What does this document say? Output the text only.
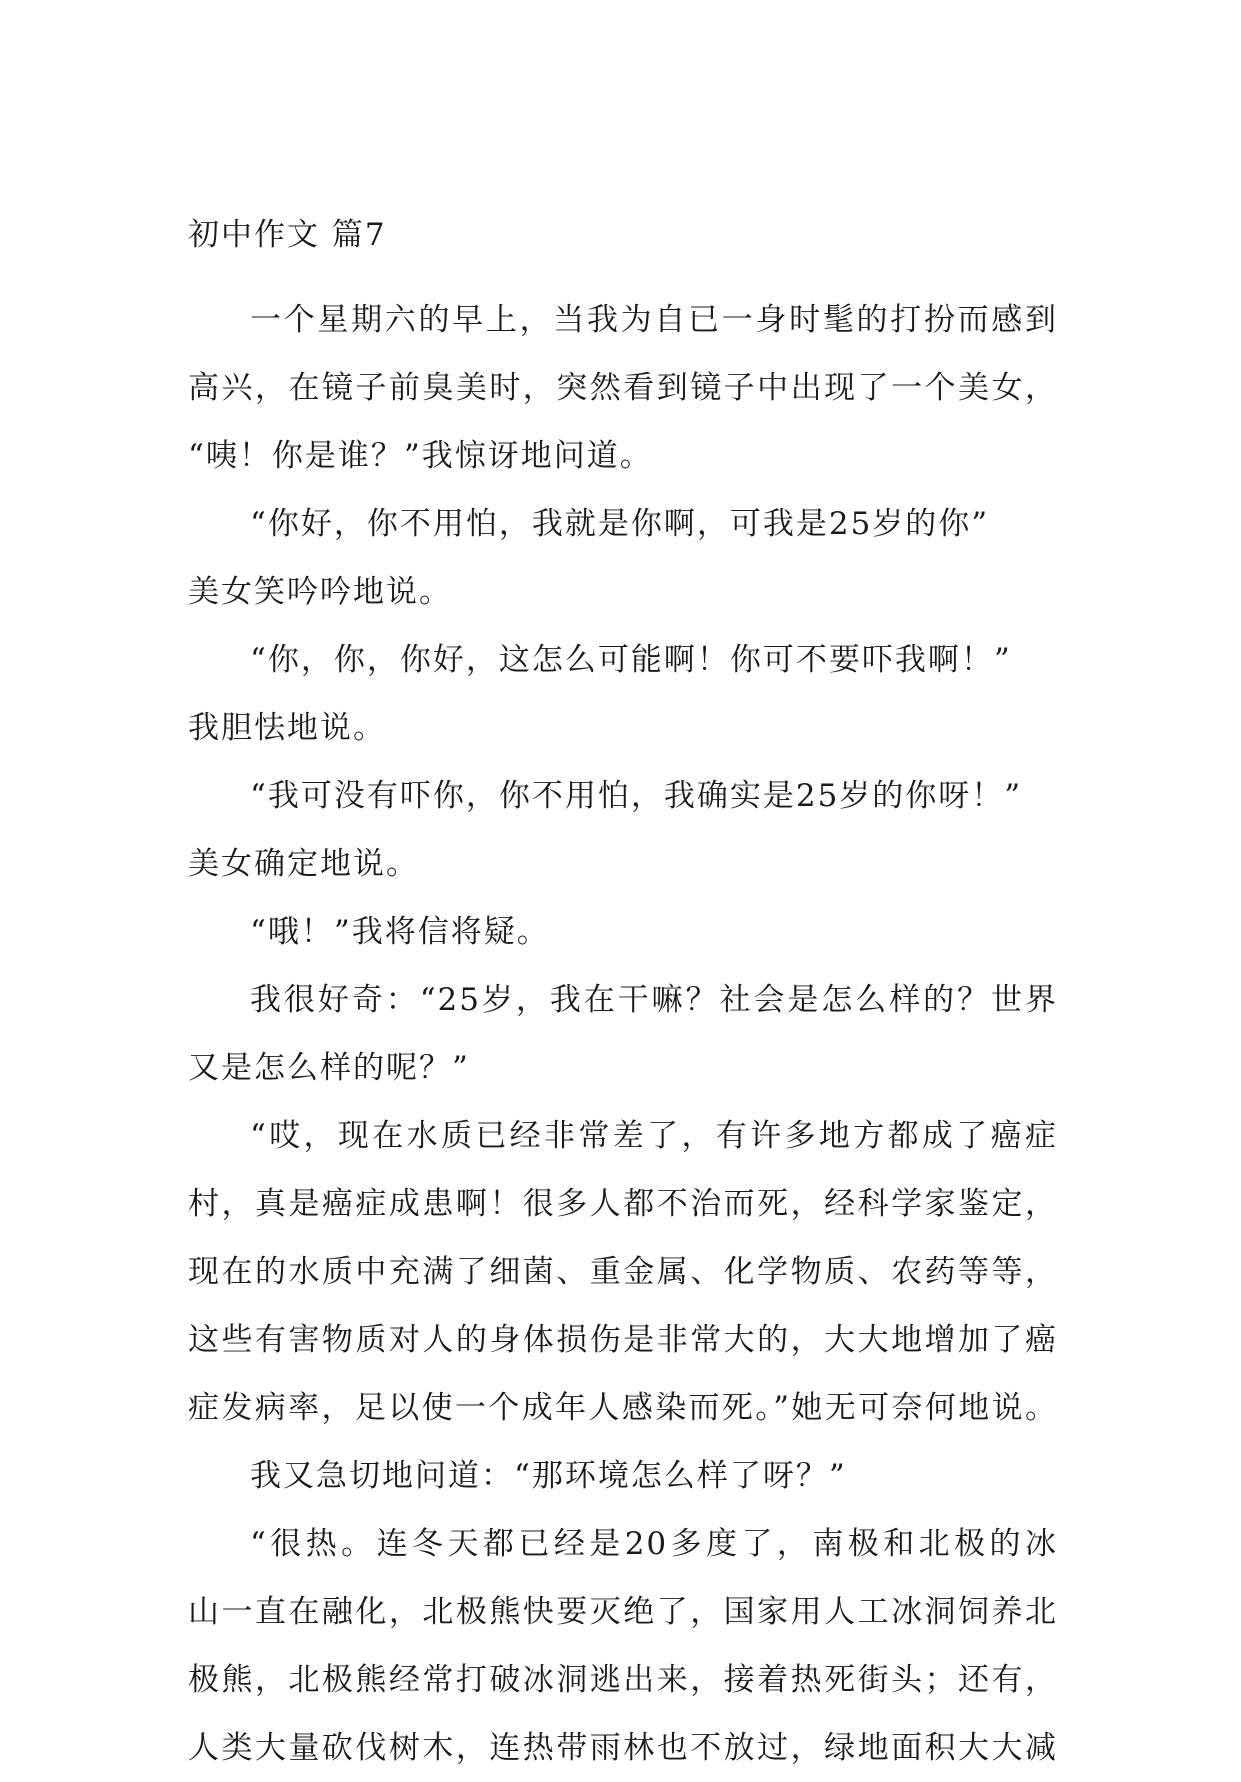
初中作文 篇7
一个星期六的早上，当我为自已一身时髦的打扮而感到
高兴，在镜子前臭美时，突然看到镜子中出现了一个美女，
“咦！你是谁？”我惊讶地问道。
“你好，你不用怕，我就是你啊，可我是25岁的你”
美女笑吟吟地说。
“你，你，你好，这怎么可能啊！你可不要吓我啊！”
我胆怯地说。
“我可没有吓你，你不用怕，我确实是25岁的你呀！”
美女确定地说。
“哦！”我将信将疑。
我很好奇：“25岁，我在干嘛？社会是怎么样的？世界
又是怎么样的呢？”
“哎，现在水质已经非常差了，有许多地方都成了癌症
村，真是癌症成患啊！很多人都不治而死，经科学家鉴定，
现在的水质中充满了细菌、重金属、化学物质、农药等等，
这些有害物质对人的身体损伤是非常大的，大大地增加了癌
症发病率，足以使一个成年人感染而死。”她无可奈何地说。
我又急切地问道：“那环境怎么样了呀？”
“很热。连冬天都已经是20多度了，南极和北极的冰
山一直在融化，北极熊快要灭绝了，国家用人工冰洞饲养北
极熊，北极熊经常打破冰洞逃出来，接着热死街头；还有，
人类大量砍伐树木，连热带雨林也不放过，绿地面积大大减
